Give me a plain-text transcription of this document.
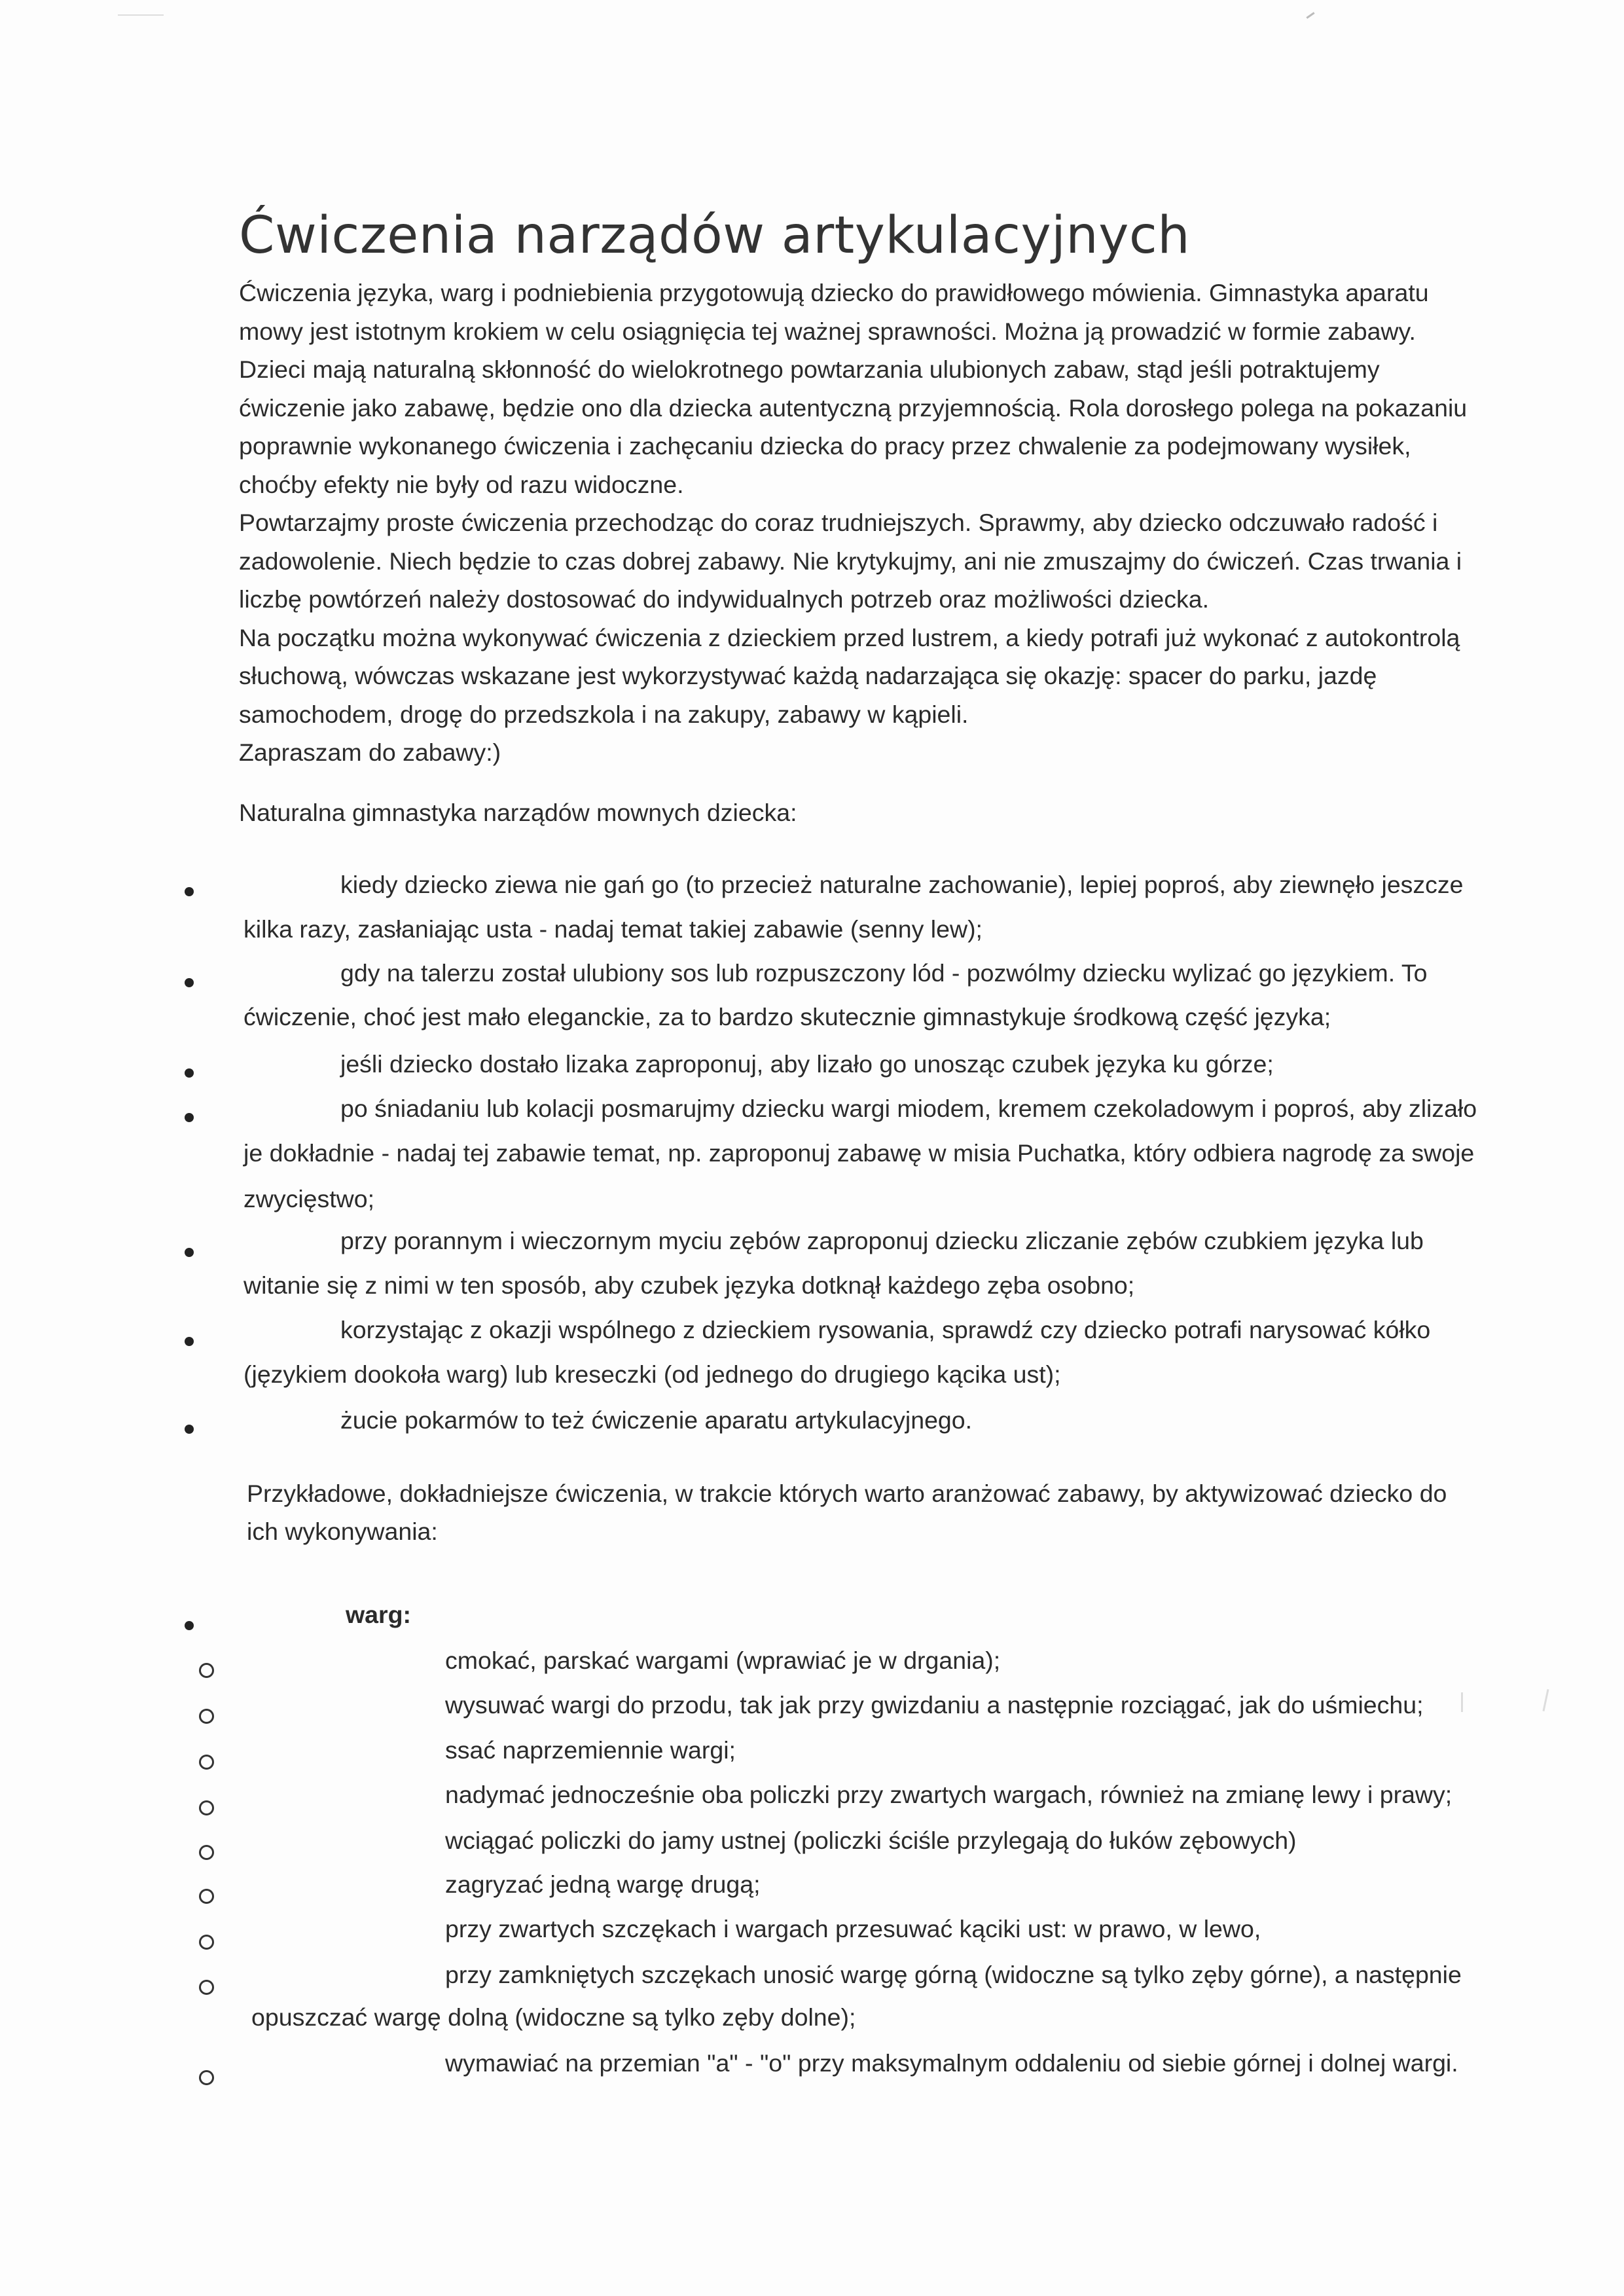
Ćwiczenia narządów artykulacyjnych

Ćwiczenia języka, warg i podniebienia przygotowują dziecko do prawidłowego mówienia. Gimnastyka aparatu mowy jest istotnym krokiem w celu osiągnięcia tej ważnej sprawności. Można ją prowadzić w formie zabawy. Dzieci mają naturalną skłonność do wielokrotnego powtarzania ulubionych zabaw, stąd jeśli potraktujemy ćwiczenie jako zabawę, będzie ono dla dziecka autentyczną przyjemnością. Rola dorosłego polega na pokazaniu poprawnie wykonanego ćwiczenia i zachęcaniu dziecka do pracy przez chwalenie za podejmowany wysiłek, choćby efekty nie były od razu widoczne.

Powtarzajmy proste ćwiczenia przechodząc do coraz trudniejszych. Sprawmy, aby dziecko odczuwało radość i zadowolenie. Niech będzie to czas dobrej zabawy. Nie krytykujmy, ani nie zmuszajmy do ćwiczeń. Czas trwania i liczbę powtórzeń należy dostosować do indywidualnych potrzeb oraz możliwości dziecka.

Na początku można wykonywać ćwiczenia z dzieckiem przed lustrem, a kiedy potrafi już wykonać z autokontrolą słuchową, wówczas wskazane jest wykorzystywać każdą nadarzająca się okazję: spacer do parku, jazdę samochodem, drogę do przedszkola i na zakupy, zabawy w kąpieli.

Zapraszam do zabawy:)

Naturalna gimnastyka narządów mownych dziecka:
kiedy dziecko ziewa nie gań go (to przecież naturalne zachowanie), lepiej poproś, aby ziewnęło jeszcze
kilka razy, zasłaniając usta - nadaj temat takiej zabawie (senny lew);
gdy na talerzu został ulubiony sos lub rozpuszczony lód - pozwólmy dziecku wylizać go językiem. To
ćwiczenie, choć jest mało eleganckie, za to bardzo skutecznie gimnastykuje środkową część języka;
jeśli dziecko dostało lizaka zaproponuj, aby lizało go unosząc czubek języka ku górze;
po śniadaniu lub kolacji posmarujmy dziecku wargi miodem, kremem czekoladowym i poproś, aby zlizało
je dokładnie - nadaj tej zabawie temat, np. zaproponuj zabawę w misia Puchatka, który odbiera nagrodę za swoje
zwycięstwo;
przy porannym i wieczornym myciu zębów zaproponuj dziecku zliczanie zębów czubkiem języka lub
witanie się z nimi w ten sposób, aby czubek języka dotknął każdego zęba osobno;
korzystając z okazji wspólnego z dzieckiem rysowania, sprawdź czy dziecko potrafi narysować kółko
(językiem dookoła warg) lub kreseczki (od jednego do drugiego kącika ust);
żucie pokarmów to też ćwiczenie aparatu artykulacyjnego.
Przykładowe, dokładniejsze ćwiczenia, w trakcie których warto aranżować zabawy, by aktywizować dziecko do
ich wykonywania:
warg:
cmokać, parskać wargami (wprawiać je w drgania);
wysuwać wargi do przodu, tak jak przy gwizdaniu a następnie rozciągać, jak do uśmiechu;
ssać naprzemiennie wargi;
nadymać jednocześnie oba policzki przy zwartych wargach, również na zmianę lewy i prawy;
wciągać policzki do jamy ustnej (policzki ściśle przylegają do łuków zębowych)
zagryzać jedną wargę drugą;
przy zwartych szczękach i wargach przesuwać kąciki ust: w prawo, w lewo,
przy zamkniętych szczękach unosić wargę górną (widoczne są tylko zęby górne), a następnie
opuszczać wargę dolną (widoczne są tylko zęby dolne);
wymawiać na przemian "a" - "o" przy maksymalnym oddaleniu od siebie górnej i dolnej wargi.
